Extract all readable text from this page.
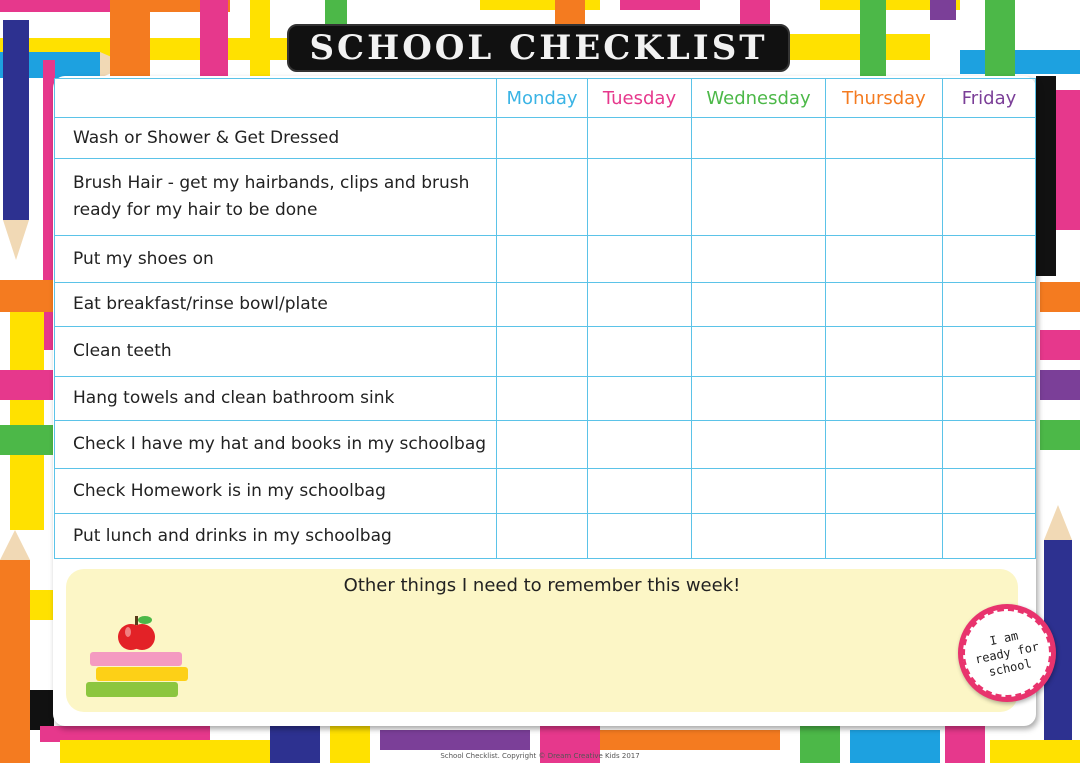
SCHOOL CHECKLIST
	Monday	Tuesday	Wednesday	Thursday	Friday
Wash or Shower & Get Dressed					
Brush Hair - get my hairbands, clips and brush ready for my hair to be done					
Put my shoes on					
Eat breakfast/rinse bowl/plate					
Clean teeth					
Hang towels and clean bathroom sink					
Check I have my hat and books in my schoolbag					
Check Homework is in my schoolbag					
Put lunch and drinks in my schoolbag					
Other things I need to remember this week!
I am ready for school
School Checklist. Copyright © Dream Creative Kids 2017
